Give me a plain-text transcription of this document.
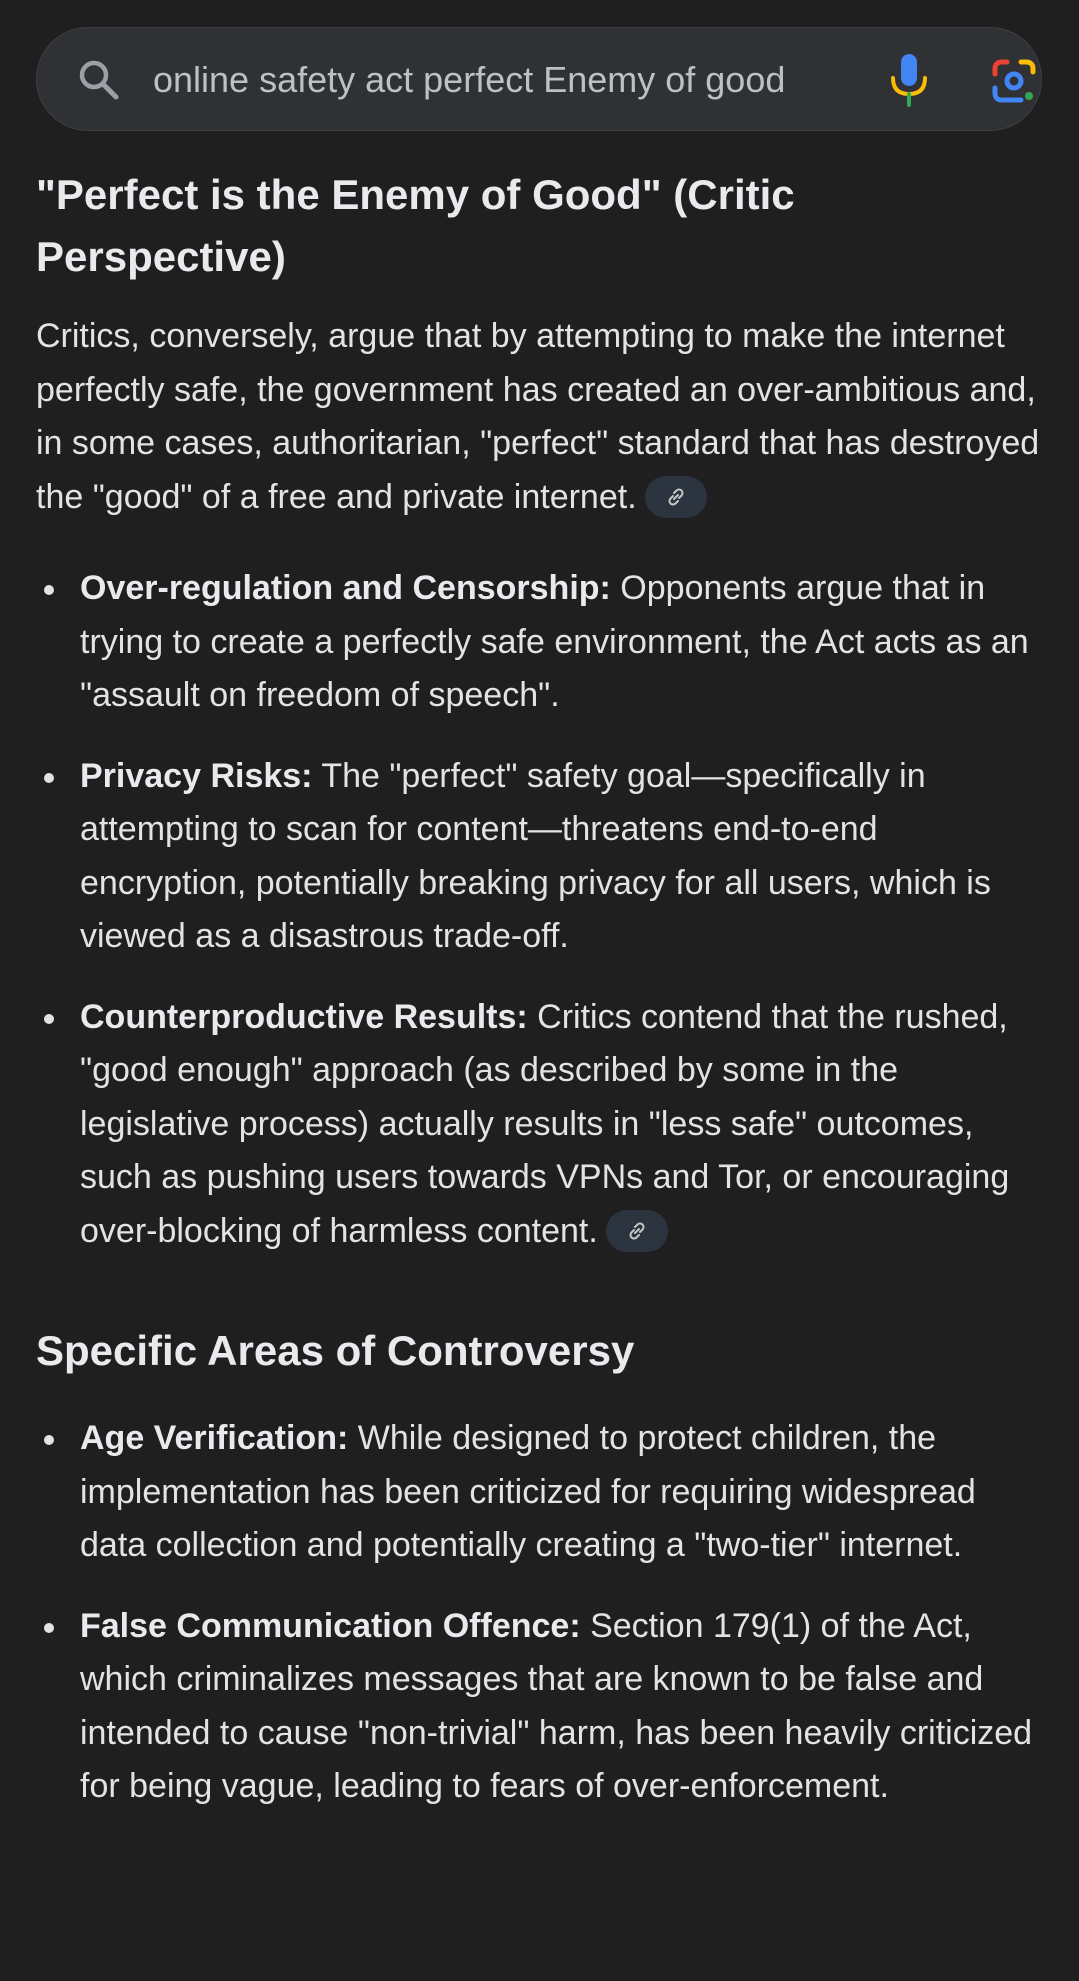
online safety act perfect Enemy of good
"Perfect is the Enemy of Good" (Critic Perspective)

Critics, conversely, argue that by attempting to make the internet perfectly safe, the government has created an over-ambitious and, in some cases, authoritarian, "perfect" standard that has destroyed the "good" of a free and private internet.

Over-regulation and Censorship: Opponents argue that in trying to create a perfectly safe environment, the Act acts as an "assault on freedom of speech".
Privacy Risks: The "perfect" safety goal—specifically in attempting to scan for content—threatens end-to-end encryption, potentially breaking privacy for all users, which is viewed as a disastrous trade-off.
Counterproductive Results: Critics contend that the rushed, "good enough" approach (as described by some in the legislative process) actually results in "less safe" outcomes, such as pushing users towards VPNs and Tor, or encouraging over-blocking of harmless content.
Specific Areas of Controversy
Age Verification: While designed to protect children, the implementation has been criticized for requiring widespread data collection and potentially creating a "two-tier" internet.
False Communication Offence: Section 179(1) of the Act, which criminalizes messages that are known to be false and intended to cause "non-trivial" harm, has been heavily criticized for being vague, leading to fears of over-enforcement.
